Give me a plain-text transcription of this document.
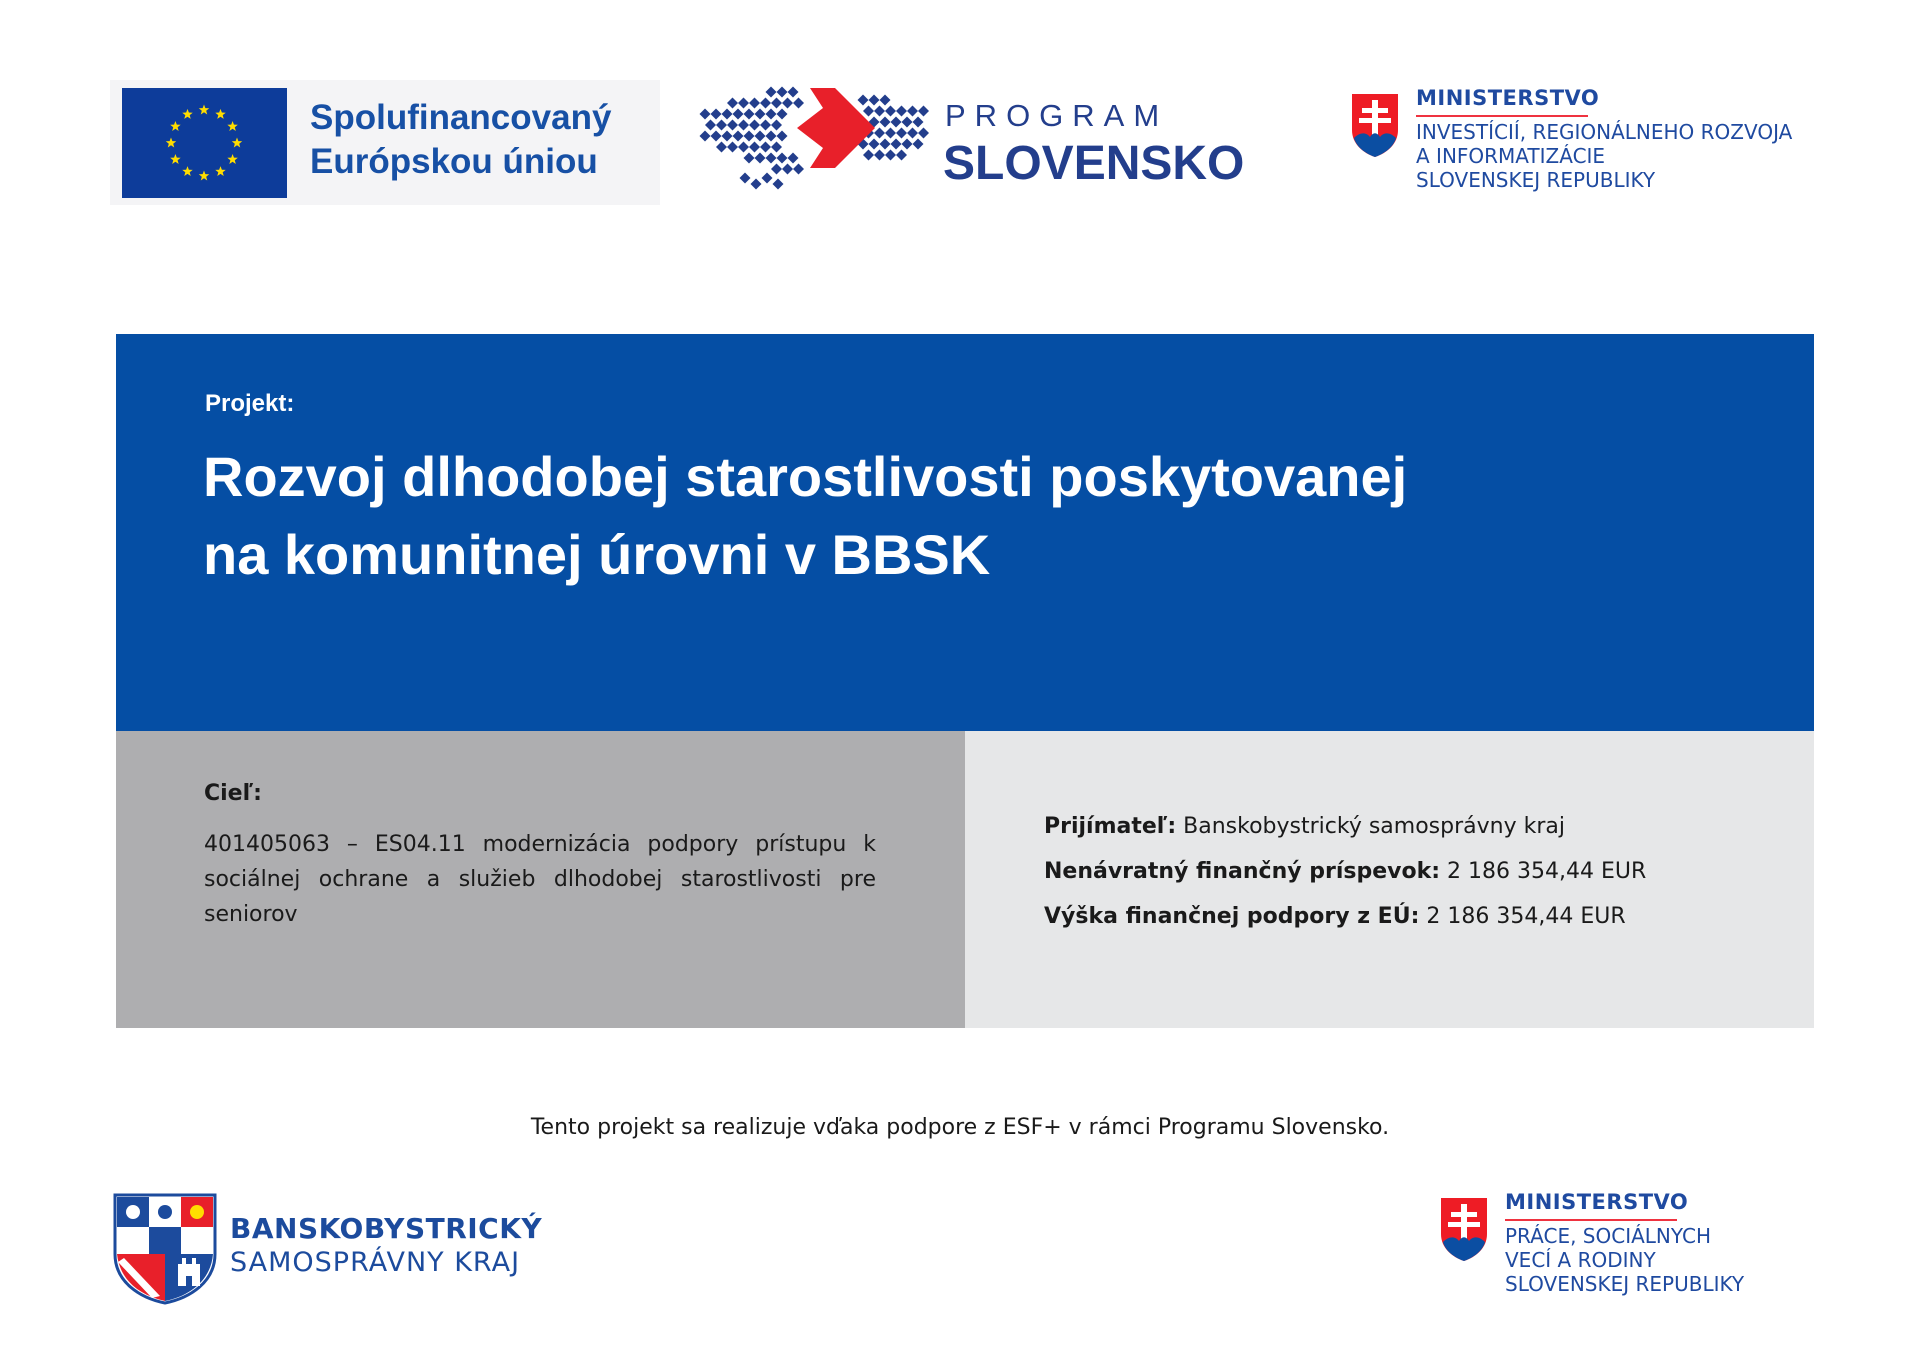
Spolufinancovaný
Európskou úniou
PROGRAM
SLOVENSKO
MINISTERSTVO
INVESTÍCIÍ, REGIONÁLNEHO ROZVOJA
A INFORMATIZÁCIE
SLOVENSKEJ REPUBLIKY
Projekt:
Rozvoj dlhodobej starostlivosti poskytovanej
na komunitnej úrovni v BBSK
Cieľ:
401405063 – ES04.11 modernizácia podpory prístupu k sociálnej ochrane a služieb dlhodobej starostlivosti pre seniorov
Prijímateľ: Banskobystrický samosprávny kraj
Nenávratný finančný príspevok: 2 186 354,44 EUR
Výška finančnej podpory z EÚ: 2 186 354,44 EUR
Tento projekt sa realizuje vďaka podpore z ESF+ v rámci Programu Slovensko.
BANSKOBYSTRICKÝ
SAMOSPRÁVNY KRAJ
MINISTERSTVO
PRÁCE, SOCIÁLNYCH
VECÍ A RODINY
SLOVENSKEJ REPUBLIKY
